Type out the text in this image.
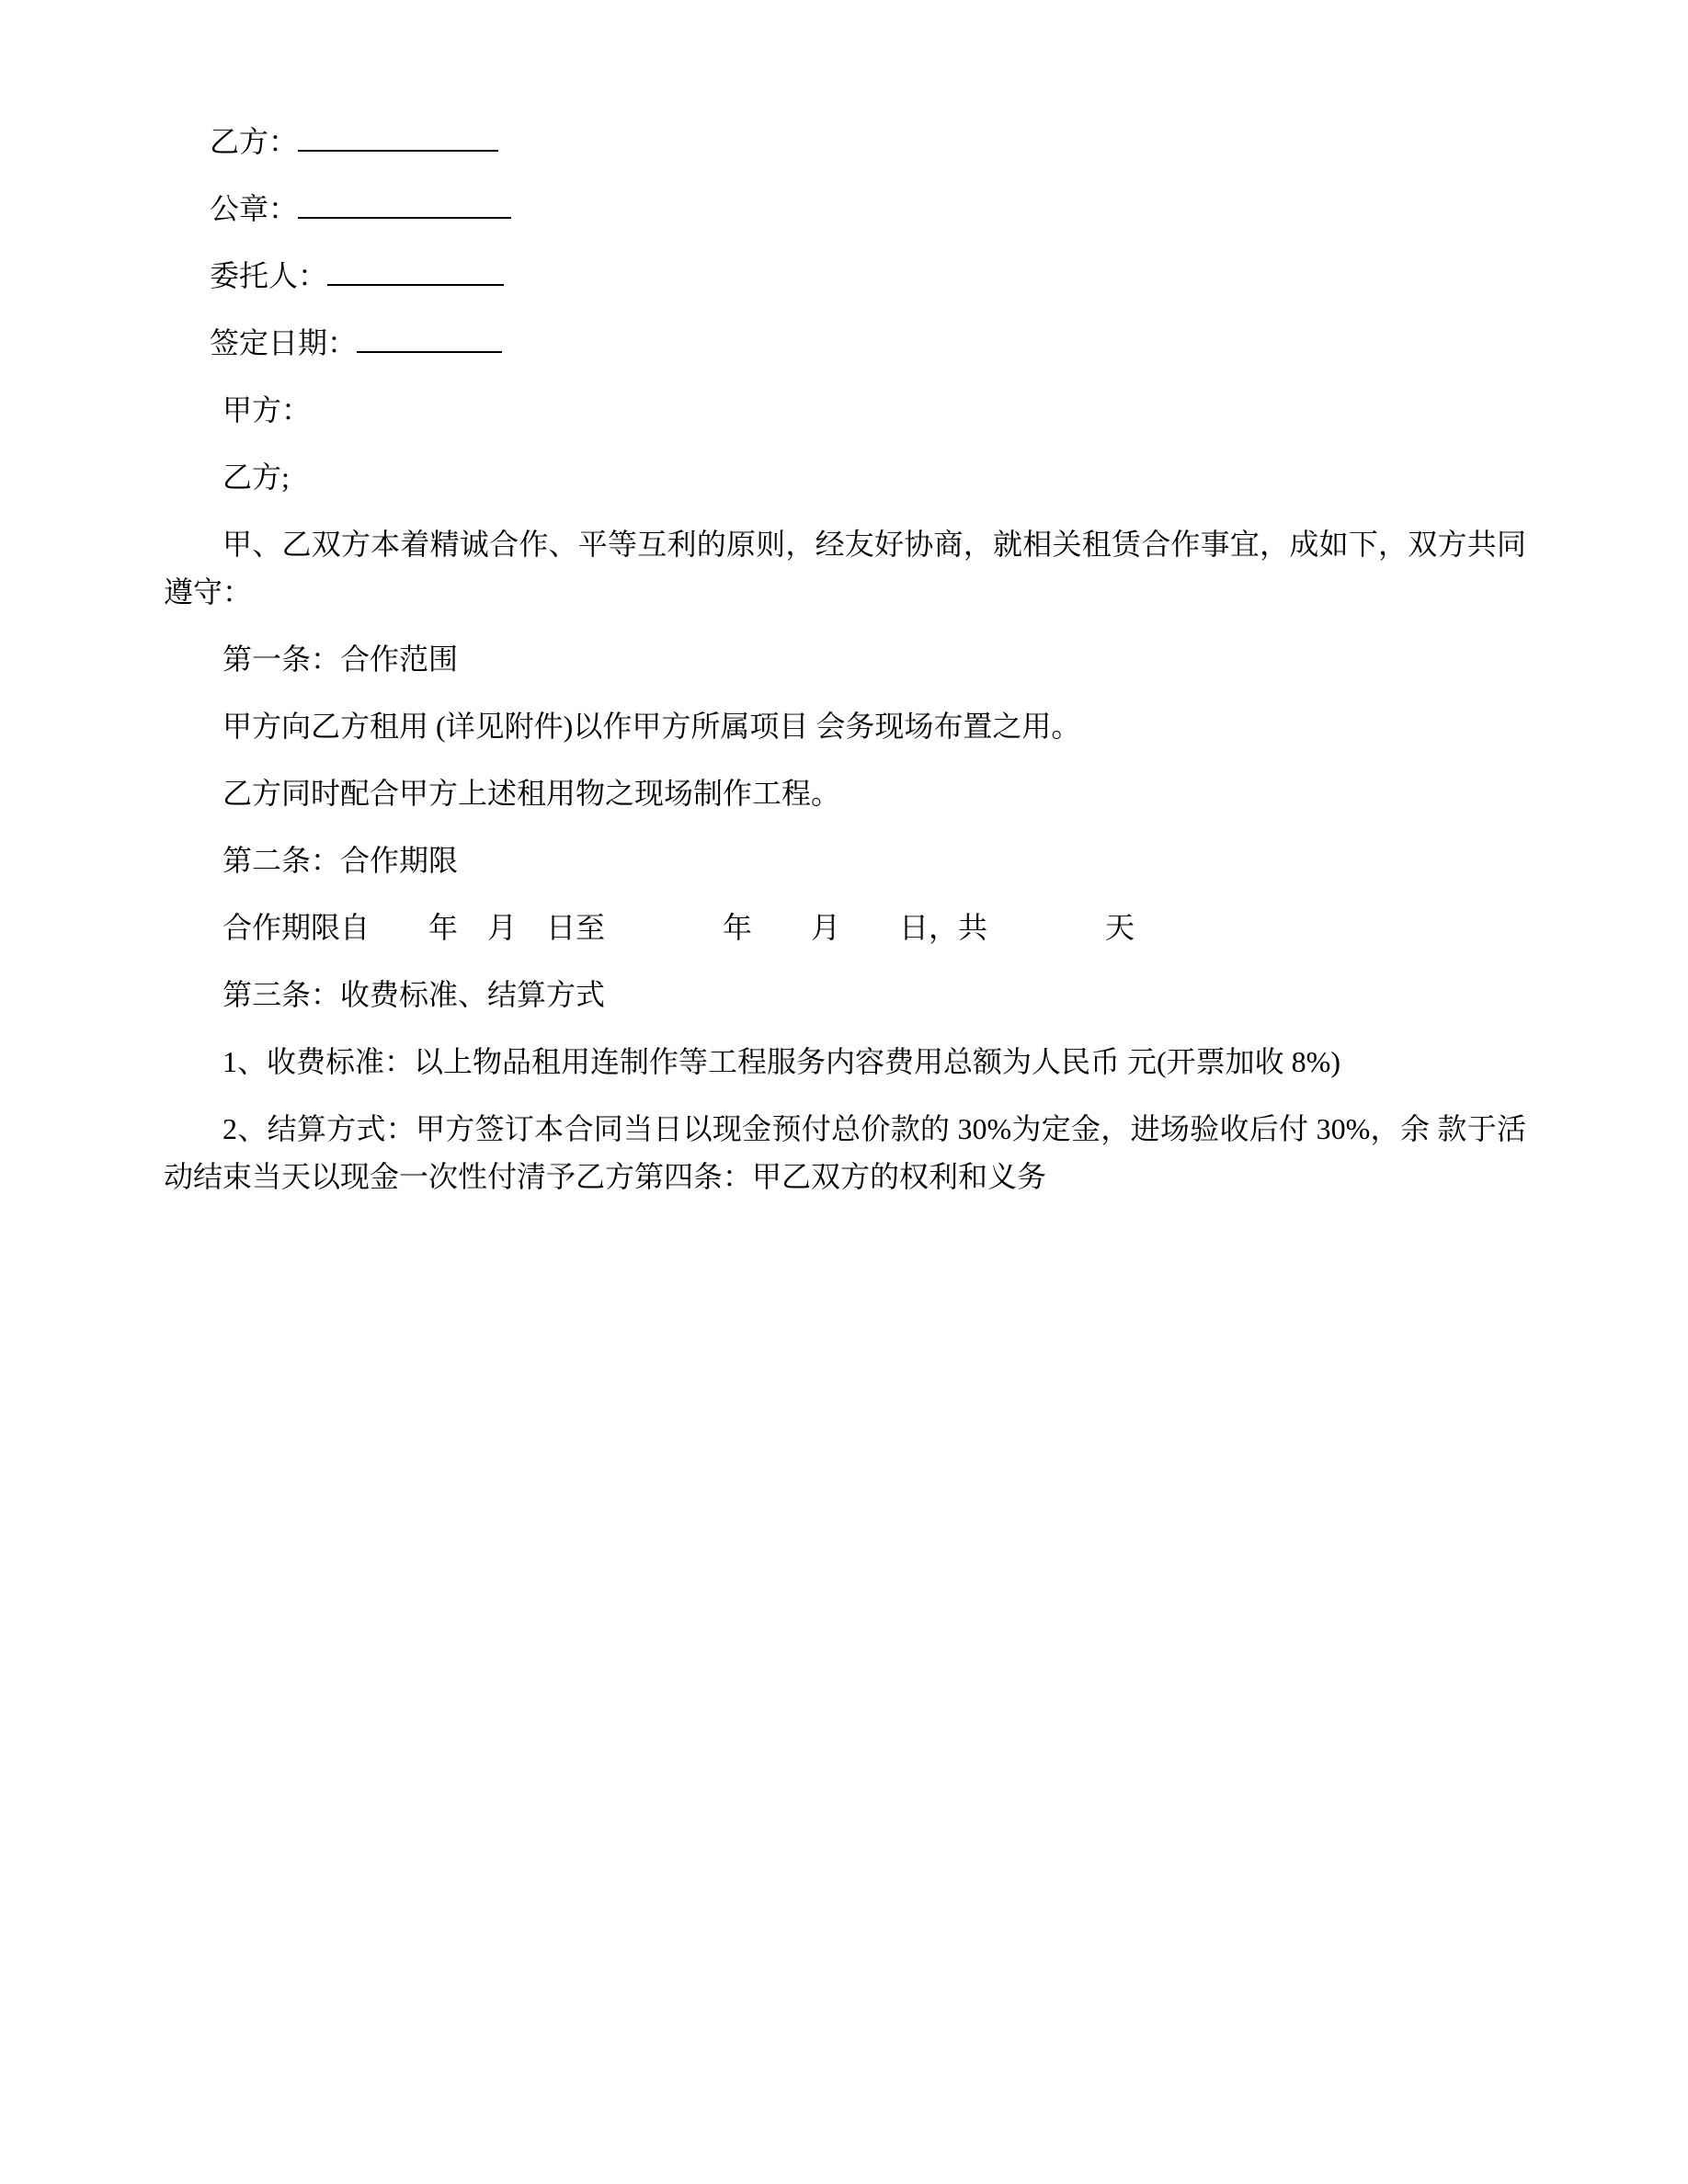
乙方：

公章：

委托人：

签定日期：

甲方：

乙方;

甲、乙双方本着精诚合作、平等互利的原则，经友好协商，就相关租赁合作事宜，成如下，双方共同遵守：

第一条：合作范围

甲方向乙方租用 (详见附件)以作甲方所属项目 会务现场布置之用。

乙方同时配合甲方上述租用物之现场制作工程。

第二条：合作期限

合作期限自　　年　月　日至　　　　年　　月　　日，共　　　　天

第三条：收费标准、结算方式

1、收费标准：以上物品租用连制作等工程服务内容费用总额为人民币 元(开票加收 8%)

2、结算方式：甲方签订本合同当日以现金预付总价款的 30%为定金，进场验收后付 30%，余 款于活动结束当天以现金一次性付清予乙方第四条：甲乙双方的权利和义务
